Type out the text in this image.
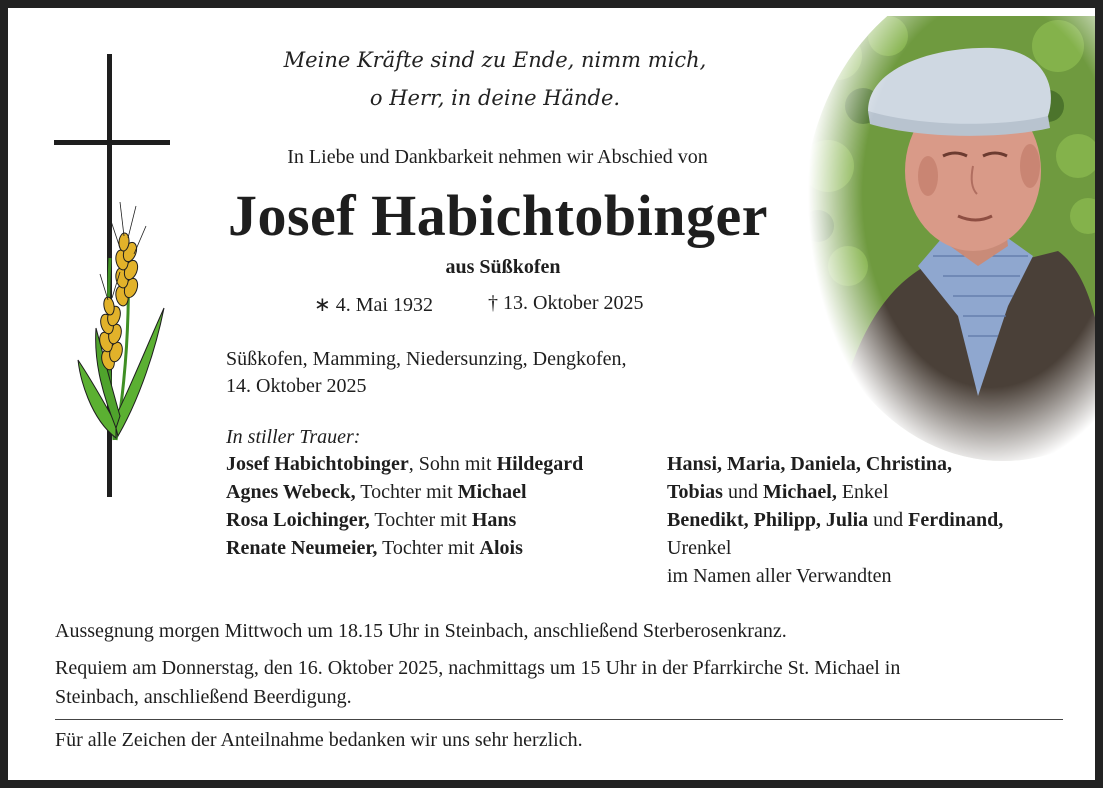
Meine Kräfte sind zu Ende, nimm mich,
o Herr, in deine Hände.
In Liebe und Dankbarkeit nehmen wir Abschied von
Josef Habichtobinger
aus Süßkofen
∗ 4. Mai 1932	† 13. Oktober 2025
Süßkofen, Mamming, Niedersunzing, Dengkofen,
14. Oktober 2025
In stiller Trauer:
Josef Habichtobinger, Sohn mit Hildegard
Agnes Webeck, Tochter mit Michael
Rosa Loichinger, Tochter mit Hans
Renate Neumeier, Tochter mit Alois
Hansi, Maria, Daniela, Christina,
Tobias und Michael, Enkel
Benedikt, Philipp, Julia und Ferdinand,
Urenkel
im Namen aller Verwandten
Aussegnung morgen Mittwoch um 18.15 Uhr in Steinbach, anschließend Sterberosenkranz.
Requiem am Donnerstag, den 16. Oktober 2025, nachmittags um 15 Uhr in der Pfarrkirche St. Michael in
Steinbach, anschließend Beerdigung.
Für alle Zeichen der Anteilnahme bedanken wir uns sehr herzlich.
